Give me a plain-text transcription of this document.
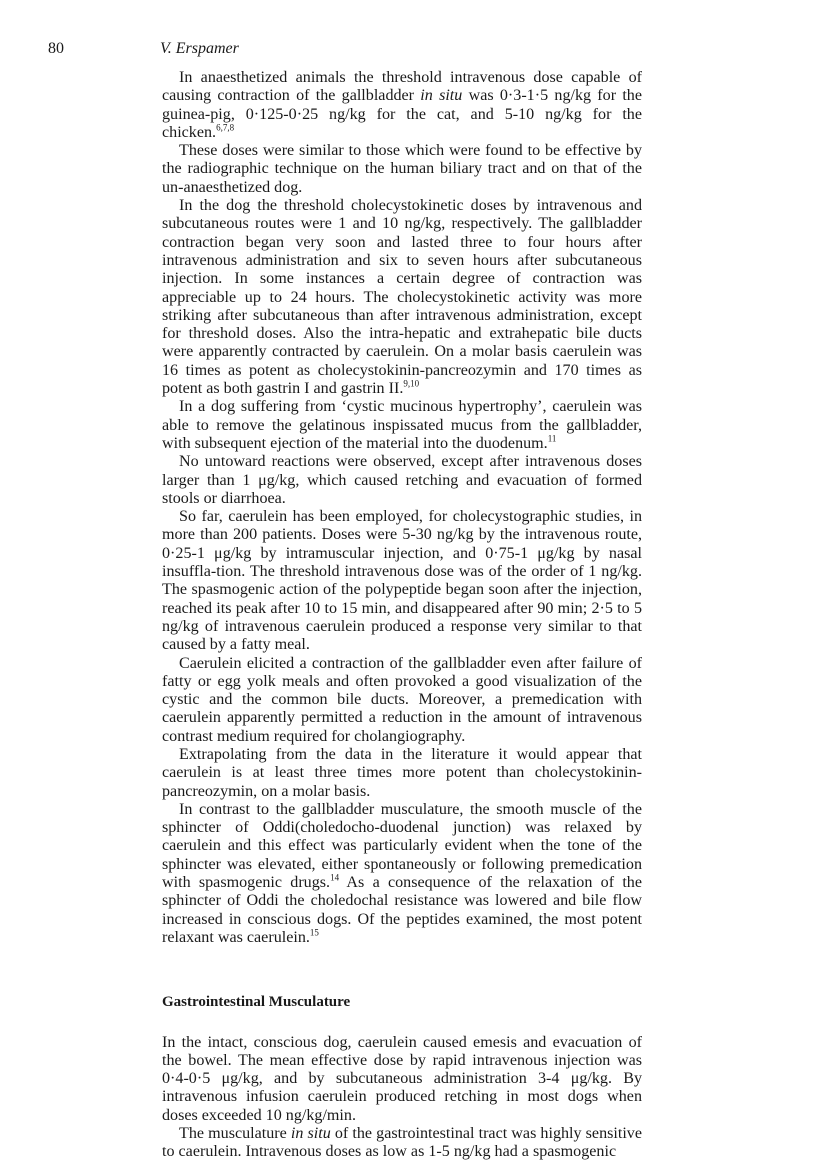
80	V. Erspamer

In anaesthetized animals the threshold intravenous dose capable of causing contraction of the gallbladder in situ was 0·3-1·5 ng/kg for the guinea-pig, 0·125-0·25 ng/kg for the cat, and 5-10 ng/kg for the chicken.$^{6,7,8}$

These doses were similar to those which were found to be effective by the radiographic technique on the human biliary tract and on that of the un-anaesthetized dog.

In the dog the threshold cholecystokinetic doses by intravenous and subcutaneous routes were 1 and 10 ng/kg, respectively. The gallbladder contraction began very soon and lasted three to four hours after intravenous administration and six to seven hours after subcutaneous injection. In some instances a certain degree of contraction was appreciable up to 24 hours. The cholecystokinetic activity was more striking after subcutaneous than after intravenous administration, except for threshold doses. Also the intra-hepatic and extrahepatic bile ducts were apparently contracted by caerulein. On a molar basis caerulein was 16 times as potent as cholecystokinin-pancreozymin and 170 times as potent as both gastrin I and gastrin II.$^{9,10}$

In a dog suffering from ‘cystic mucinous hypertrophy’, caerulein was able to remove the gelatinous inspissated mucus from the gallbladder, with subsequent ejection of the material into the duodenum.$^{11}$

No untoward reactions were observed, except after intravenous doses larger than 1 μg/kg, which caused retching and evacuation of formed stools or diarrhoea.

So far, caerulein has been employed, for cholecystographic studies, in more than 200 patients. Doses were 5-30 ng/kg by the intravenous route, 0·25-1 μg/kg by intramuscular injection, and 0·75-1 μg/kg by nasal insuffla-tion. The threshold intravenous dose was of the order of 1 ng/kg. The spasmogenic action of the polypeptide began soon after the injection, reached its peak after 10 to 15 min, and disappeared after 90 min; 2·5 to 5 ng/kg of intravenous caerulein produced a response very similar to that caused by a fatty meal.

Caerulein elicited a contraction of the gallbladder even after failure of fatty or egg yolk meals and often provoked a good visualization of the cystic and the common bile ducts. Moreover, a premedication with caerulein apparently permitted a reduction in the amount of intravenous contrast medium required for cholangiography.

Extrapolating from the data in the literature it would appear that caerulein is at least three times more potent than cholecystokinin-pancreozymin, on a molar basis.

In contrast to the gallbladder musculature, the smooth muscle of the sphincter of Oddi(choledocho-duodenal junction) was relaxed by caerulein and this effect was particularly evident when the tone of the sphincter was elevated, either spontaneously or following premedication with spasmogenic drugs.$^{14}$ As a consequence of the relaxation of the sphincter of Oddi the choledochal resistance was lowered and bile flow increased in conscious dogs. Of the peptides examined, the most potent relaxant was caerulein.$^{15}$

Gastrointestinal Musculature

In the intact, conscious dog, caerulein caused emesis and evacuation of the bowel. The mean effective dose by rapid intravenous injection was 0·4-0·5 μg/kg, and by subcutaneous administration 3-4 μg/kg. By intravenous infusion caerulein produced retching in most dogs when doses exceeded 10 ng/kg/min.

The musculature in situ of the gastrointestinal tract was highly sensitive to caerulein. Intravenous doses as low as 1-5 ng/kg had a spasmogenic
